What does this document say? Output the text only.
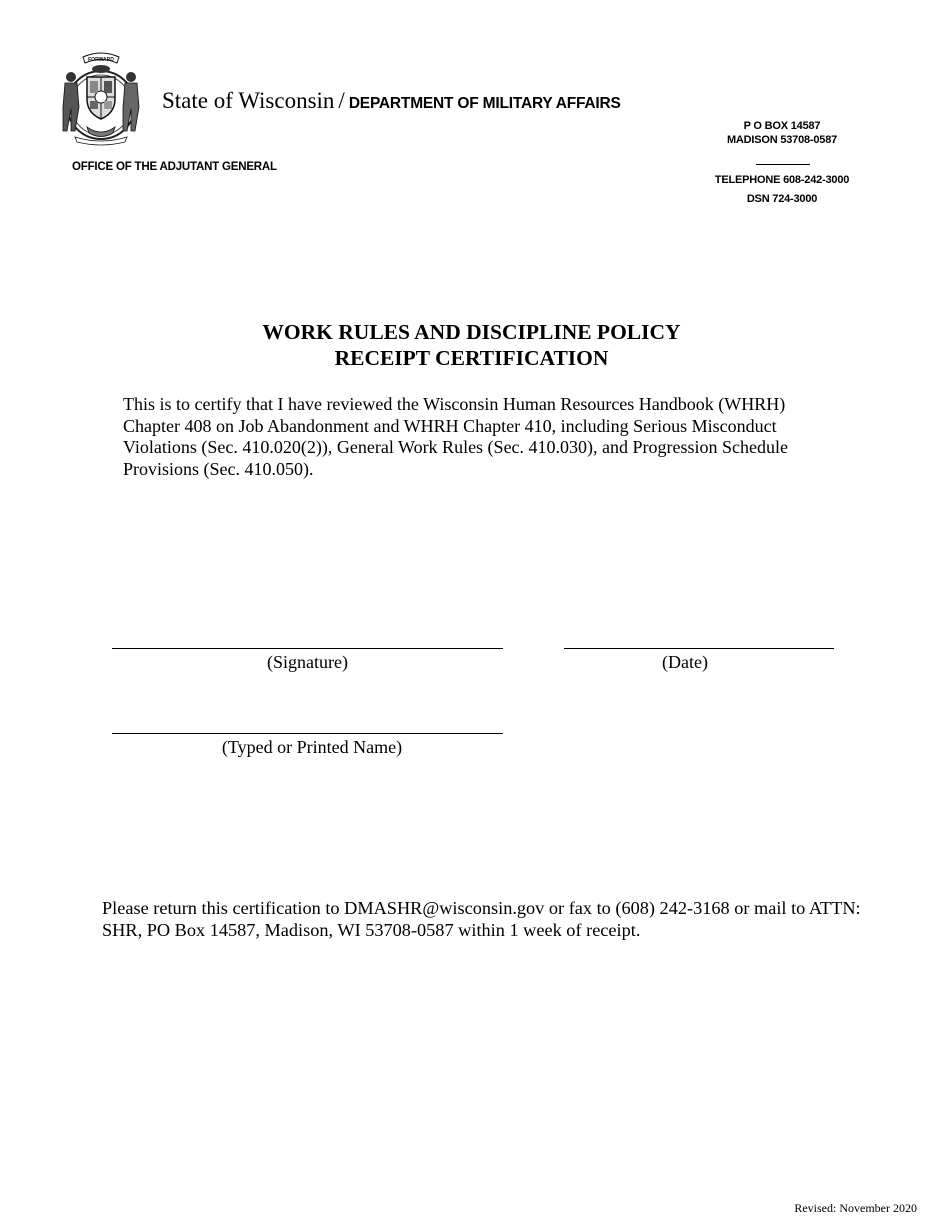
FORWARD
State of Wisconsin / DEPARTMENT OF MILITARY AFFAIRS
OFFICE OF THE ADJUTANT GENERAL
P O BOX 14587
MADISON 53708-0587
TELEPHONE 608-242-3000
DSN 724-3000
WORK RULES AND DISCIPLINE POLICY
RECEIPT CERTIFICATION
This is to certify that I have reviewed the Wisconsin Human Resources Handbook (WHRH) Chapter 408 on Job Abandonment and WHRH Chapter 410, including Serious Misconduct Violations (Sec. 410.020(2)), General Work Rules (Sec. 410.030), and Progression Schedule Provisions (Sec. 410.050).
(Signature)	(Date)
(Typed or Printed Name)
Please return this certification to DMASHR@wisconsin.gov or fax to (608) 242-3168 or mail to ATTN: SHR, PO Box 14587, Madison, WI 53708-0587 within 1 week of receipt.
Revised: November 2020
